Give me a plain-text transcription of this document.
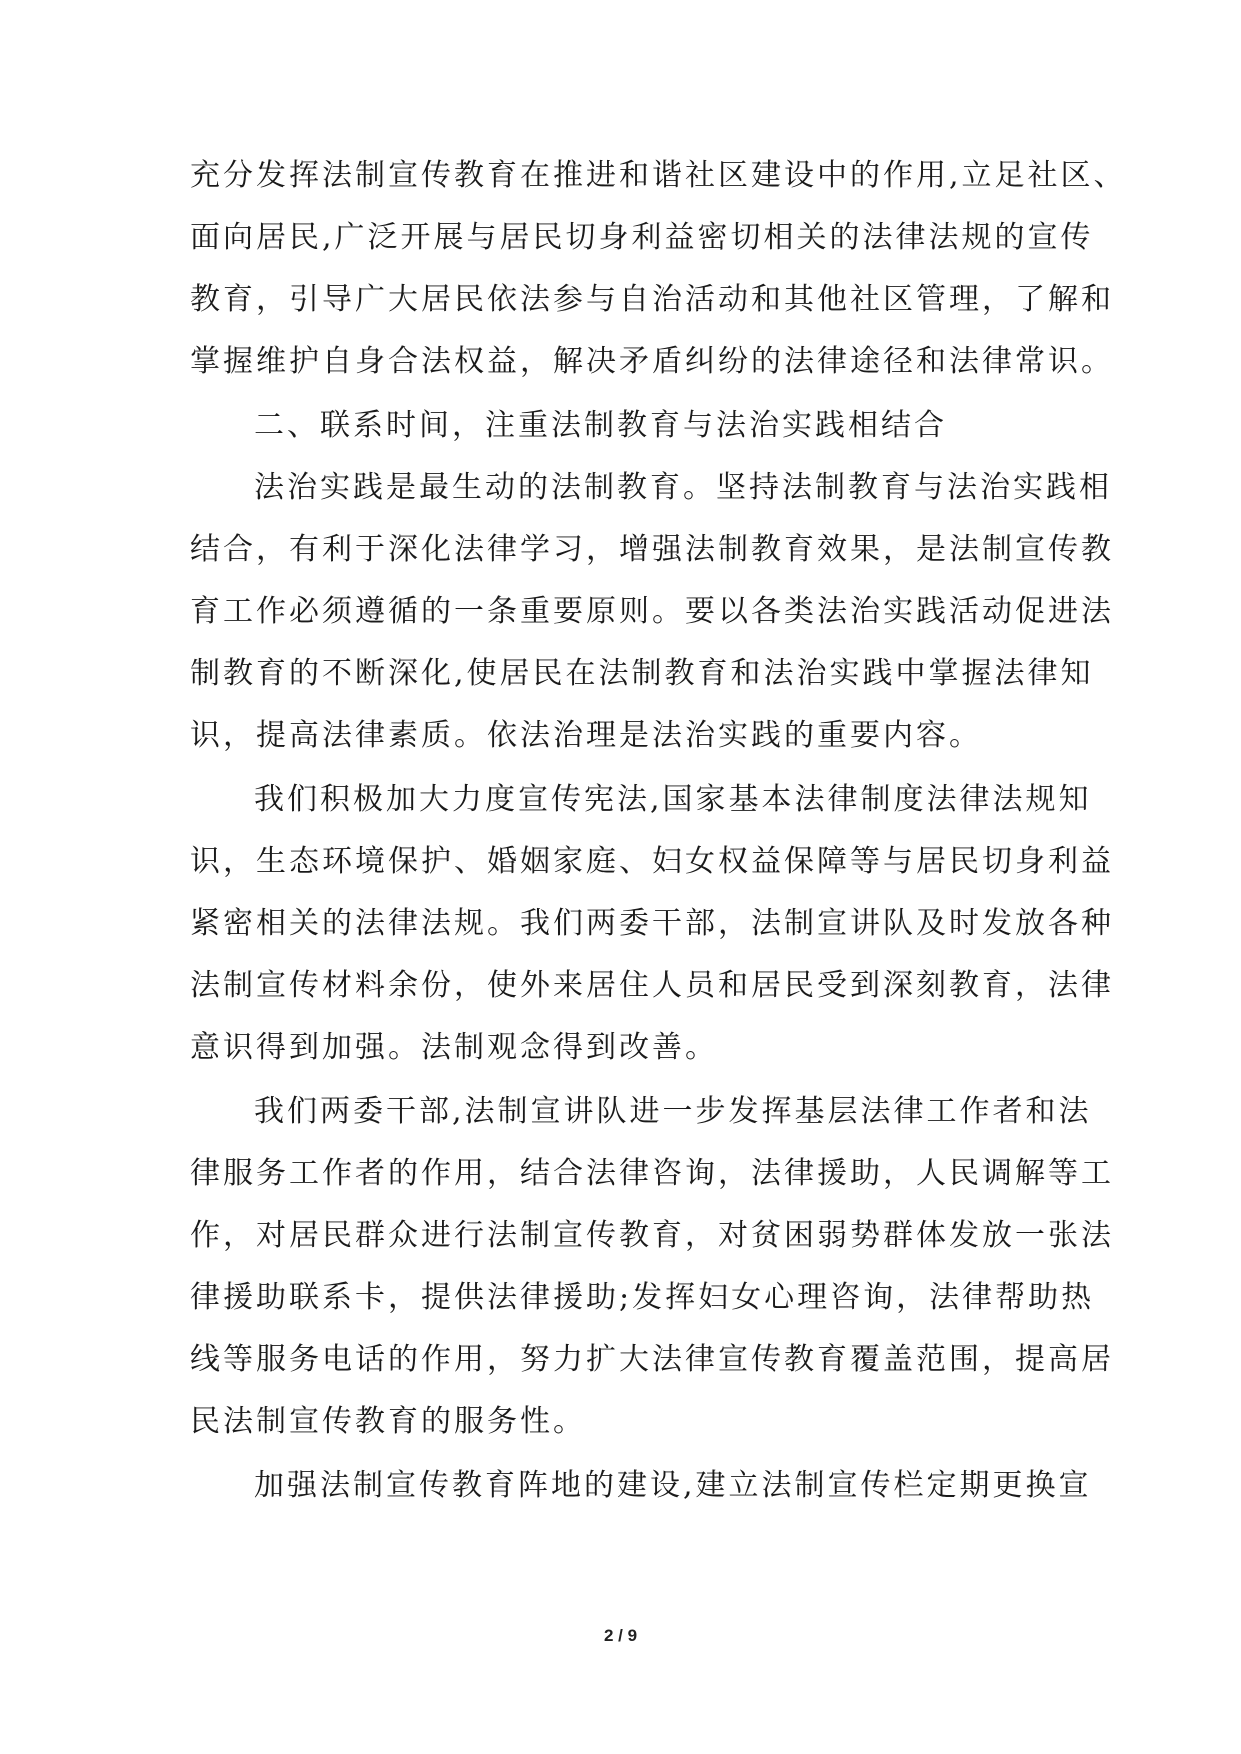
充分发挥法制宣传教育在推进和谐社区建设中的作用,立足社区、
面向居民,广泛开展与居民切身利益密切相关的法律法规的宣传
教育，引导广大居民依法参与自治活动和其他社区管理，了解和
掌握维护自身合法权益，解决矛盾纠纷的法律途径和法律常识。
二、联系时间，注重法制教育与法治实践相结合
法治实践是最生动的法制教育。坚持法制教育与法治实践相
结合，有利于深化法律学习，增强法制教育效果，是法制宣传教
育工作必须遵循的一条重要原则。要以各类法治实践活动促进法
制教育的不断深化,使居民在法制教育和法治实践中掌握法律知
识，提高法律素质。依法治理是法治实践的重要内容。
我们积极加大力度宣传宪法,国家基本法律制度法律法规知
识，生态环境保护、婚姻家庭、妇女权益保障等与居民切身利益
紧密相关的法律法规。我们两委干部，法制宣讲队及时发放各种
法制宣传材料余份，使外来居住人员和居民受到深刻教育，法律
意识得到加强。法制观念得到改善。
我们两委干部,法制宣讲队进一步发挥基层法律工作者和法
律服务工作者的作用，结合法律咨询，法律援助，人民调解等工
作，对居民群众进行法制宣传教育，对贫困弱势群体发放一张法
律援助联系卡，提供法律援助;发挥妇女心理咨询，法律帮助热
线等服务电话的作用，努力扩大法律宣传教育覆盖范围，提高居
民法制宣传教育的服务性。
加强法制宣传教育阵地的建设,建立法制宣传栏定期更换宣
2 / 9
